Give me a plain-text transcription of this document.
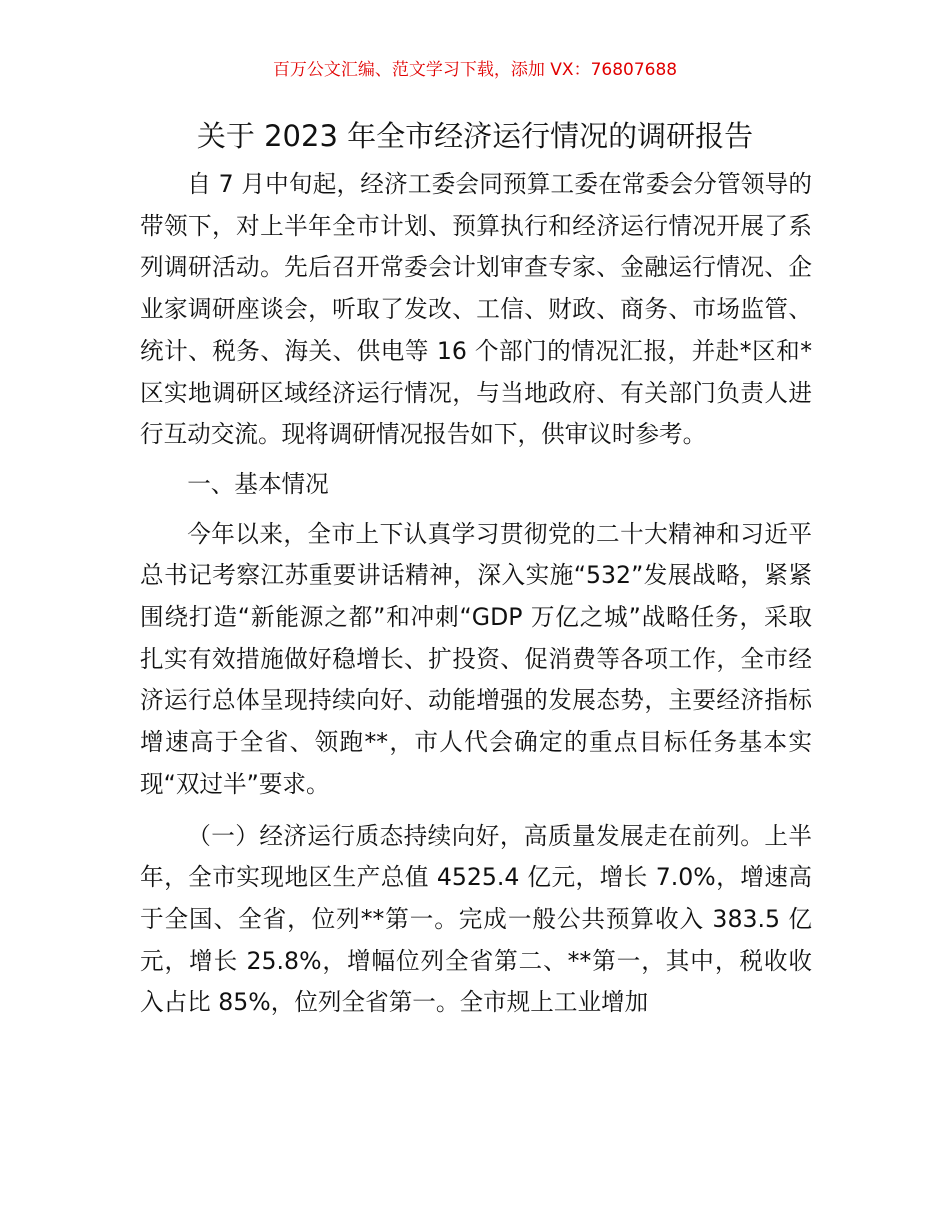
百万公文汇编、范文学习下载，添加 VX：76807688
关于 2023 年全市经济运行情况的调研报告

自 7 月中旬起，经济工委会同预算工委在常委会分管领导的带领下，对上半年全市计划、预算执行和经济运行情况开展了系列调研活动。先后召开常委会计划审查专家、金融运行情况、企业家调研座谈会，听取了发改、工信、财政、商务、市场监管、统计、税务、海关、供电等 16 个部门的情况汇报，并赴*区和*区实地调研区域经济运行情况，与当地政府、有关部门负责人进行互动交流。现将调研情况报告如下，供审议时参考。

一、基本情况

今年以来，全市上下认真学习贯彻党的二十大精神和习近平总书记考察江苏重要讲话精神，深入实施“532”发展战略，紧紧围绕打造“新能源之都”和冲刺“GDP 万亿之城”战略任务，采取扎实有效措施做好稳增长、扩投资、促消费等各项工作，全市经济运行总体呈现持续向好、动能增强的发展态势，主要经济指标增速高于全省、领跑**，市人代会确定的重点目标任务基本实现“双过半”要求。

（一）经济运行质态持续向好，高质量发展走在前列。上半年，全市实现地区生产总值 4525.4 亿元，增长 7.0%，增速高于全国、全省，位列**第一。完成一般公共预算收入 383.5 亿元，增长 25.8%，增幅位列全省第二、**第一，其中，税收收入占比 85%，位列全省第一。全市规上工业增加
